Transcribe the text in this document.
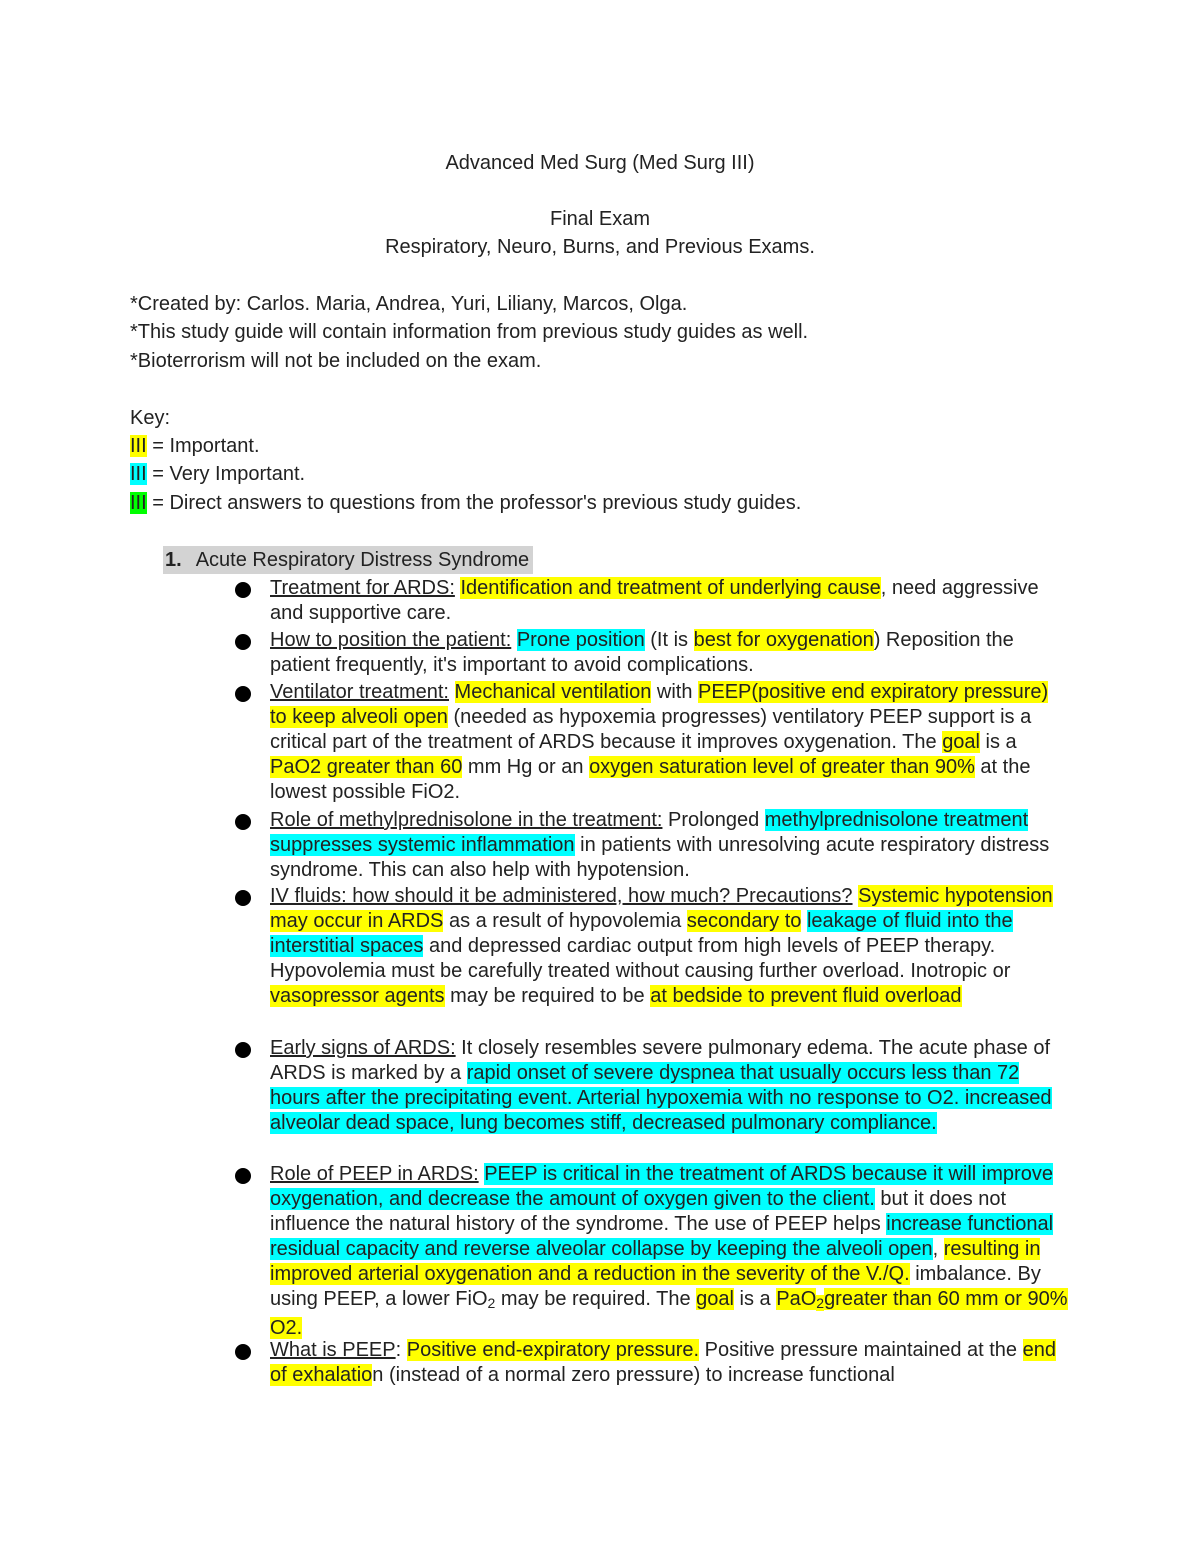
Advanced Med Surg (Med Surg III)
Final Exam
Respiratory, Neuro, Burns, and Previous Exams.
*Created by: Carlos. Maria, Andrea, Yuri, Liliany, Marcos, Olga.
*This study guide will contain information from previous study guides as well.
*Bioterrorism will not be included on the exam.
Key:
III = Important.
III = Very Important.
III = Direct answers to questions from the professor's previous study guides.
1. Acute Respiratory Distress Syndrome
Treatment for ARDS: Identification and treatment of underlying cause, need aggressive and supportive care.
How to position the patient: Prone position (It is best for oxygenation) Reposition the patient frequently, it's important to avoid complications.
Ventilator treatment: Mechanical ventilation with PEEP(positive end expiratory pressure) to keep alveoli open (needed as hypoxemia progresses) ventilatory PEEP support is a critical part of the treatment of ARDS because it improves oxygenation. The goal is a PaO2 greater than 60 mm Hg or an oxygen saturation level of greater than 90% at the lowest possible FiO2.
Role of methylprednisolone in the treatment: Prolonged methylprednisolone treatment suppresses systemic inflammation in patients with unresolving acute respiratory distress syndrome. This can also help with hypotension.
IV fluids: how should it be administered, how much? Precautions? Systemic hypotension may occur in ARDS as a result of hypovolemia secondary to leakage of fluid into the interstitial spaces and depressed cardiac output from high levels of PEEP therapy. Hypovolemia must be carefully treated without causing further overload. Inotropic or vasopressor agents may be required to be at bedside to prevent fluid overload
Early signs of ARDS: It closely resembles severe pulmonary edema. The acute phase of ARDS is marked by a rapid onset of severe dyspnea that usually occurs less than 72 hours after the precipitating event. Arterial hypoxemia with no response to O2. increased alveolar dead space, lung becomes stiff, decreased pulmonary compliance.
Role of PEEP in ARDS: PEEP is critical in the treatment of ARDS because it will improve oxygenation, and decrease the amount of oxygen given to the client. but it does not influence the natural history of the syndrome. The use of PEEP helps increase functional residual capacity and reverse alveolar collapse by keeping the alveoli open, resulting in improved arterial oxygenation and a reduction in the severity of the V./Q. imbalance. By using PEEP, a lower FiO$_2$ may be required. The goal is a PaO$_2$greater than 60 mm or 90% O2.
What is PEEP: Positive end-expiratory pressure. Positive pressure maintained at the end of exhalation (instead of a normal zero pressure) to increase functional
